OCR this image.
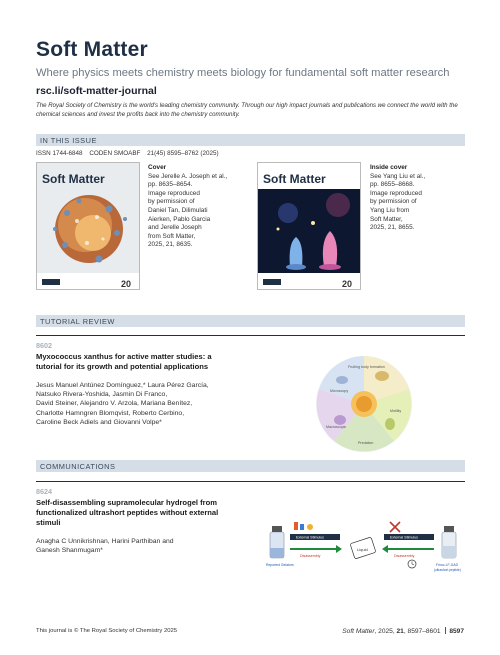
Soft Matter
Where physics meets chemistry meets biology for fundamental soft matter research
rsc.li/soft-matter-journal
The Royal Society of Chemistry is the world's leading chemistry community. Through our high impact journals and publications we connect the world with the chemical sciences and invest the profits back into the chemistry community.
IN THIS ISSUE
ISSN 1744-6848 CODEN SMOABF 21(45) 8595–8762 (2025)
Soft Matter
20
Cover
See Jerelle A. Joseph et al.,
pp. 8635–8654.
Image reproduced
by permission of
Daniel Tan, Dilimulati
Aierken, Pablo Garcia
and Jerelle Joseph
from Soft Matter,
2025, 21, 8635.
Soft Matter
20
Inside cover
See Yang Liu et al.,
pp. 8655–8668.
Image reproduced
by permission of
Yang Liu from
Soft Matter,
2025, 21, 8655.
TUTORIAL REVIEW
8602
Myxococcus xanthus for active matter studies: a
tutorial for its growth and potential applications
Jesus Manuel Antúnez Domínguez,* Laura Pérez García,
Natsuko Rivera-Yoshida, Jasmin Di Franco,
David Steiner, Alejandro V. Arzola, Mariana Benítez,
Charlotte Hamngren Blomqvist, Roberto Cerbino,
Caroline Beck Adiels and Giovanni Volpe*
Fruiting body formation
Microscopy
Motility
Predation
Macroscopic
COMMUNICATIONS
8624
Self-disassembling supramolecular hydrogel from
functionalized ultrashort peptides without external
stimuli
Anagha C Unnikrishnan, Harini Parthiban and
Ganesh Shanmugam*
Reported Gelators
External Stimulus
Disassembly
Liquid
External Stimulus
Disassembly
Fmoc-LF-GAD
(ultrashort peptide)
This journal is © The Royal Society of Chemistry 2025	Soft Matter, 2025, 21, 8597–8601 8597
